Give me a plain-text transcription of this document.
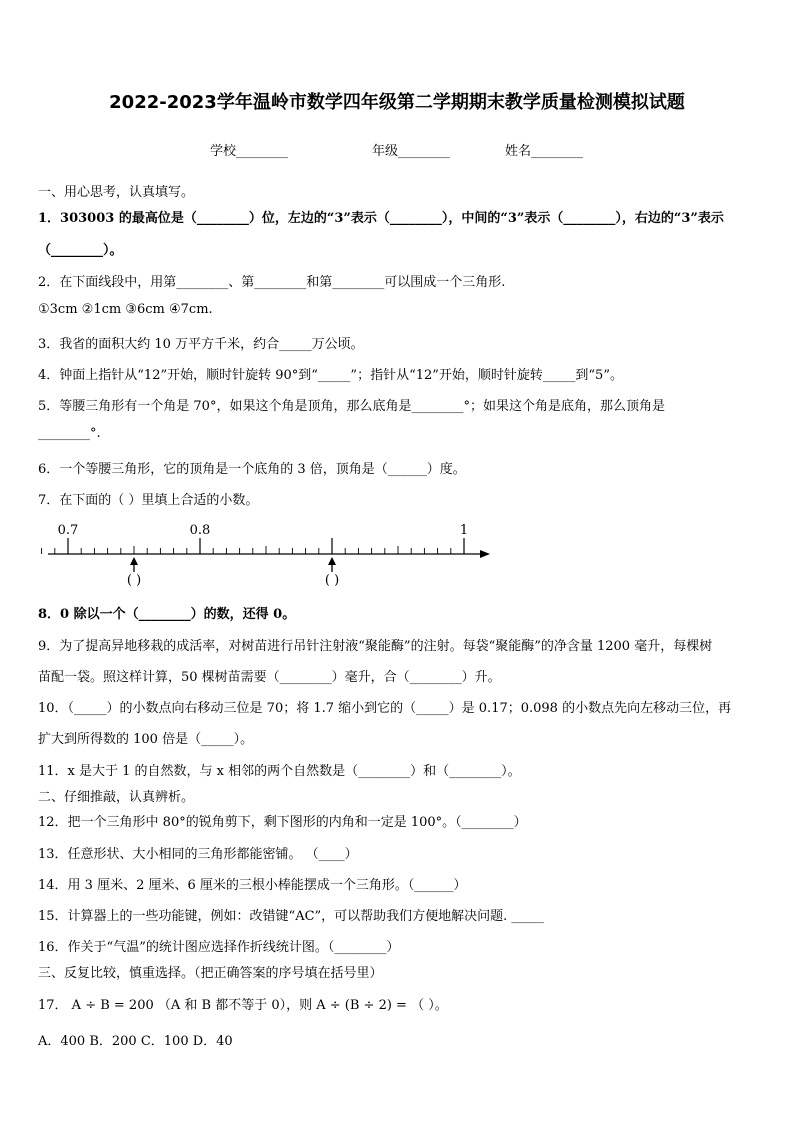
2022-2023学年温岭市数学四年级第二学期期末教学质量检测模拟试题
学校________	年级________	姓名________
一、用心思考，认真填写。
1．303003 的最高位是（________）位，左边的“3”表示（________），中间的“3”表示（________），右边的“3”表示
（________）。
2．在下面线段中，用第________、第________和第________可以围成一个三角形.
①3cm ②1cm ③6cm ④7cm.
3．我省的面积大约 10 万平方千米，约合_____万公顷。
4．钟面上指针从“12”开始，顺时针旋转 90°到“_____”；指针从“12”开始，顺时针旋转_____到“5”。
5．等腰三角形有一个角是 70°，如果这个角是顶角，那么底角是________°；如果这个角是底角，那么顶角是
________°.
6．一个等腰三角形，它的顶角是一个底角的 3 倍，顶角是（______）度。
7．在下面的（ ）里填上合适的小数。
0.7	0.8	1
( )	( )
8．0 除以一个（________）的数，还得 0。
9．为了提高异地移栽的成活率，对树苗进行吊针注射液“聚能酶”的注射。每袋“聚能酶”的净含量 1200 毫升，每棵树
苗配一袋。照这样计算，50 棵树苗需要（________）毫升，合（________）升。
10．（_____）的小数点向右移动三位是 70；将 1.7 缩小到它的（_____）是 0.17；0.098 的小数点先向左移动三位，再
扩大到所得数的 100 倍是（_____）。
11．x 是大于 1 的自然数，与 x 相邻的两个自然数是（________）和（________）。
二、仔细推敲，认真辨析。
12．把一个三角形中 80°的锐角剪下，剩下图形的内角和一定是 100°。（________）
13．任意形状、大小相同的三角形都能密铺。 （____）
14．用 3 厘米、2 厘米、6 厘米的三根小棒能摆成一个三角形。（______）
15．计算器上的一些功能键，例如：改错键“AC”，可以帮助我们方便地解决问题. _____
16．作关于“气温”的统计图应选择作折线统计图。（________）
三、反复比较，慎重选择。（把正确答案的序号填在括号里）
17． A ÷ B = 200 （A 和 B 都不等于 0），则 A ÷ (B ÷ 2) = （ ）。
A．400 B．200 C．100 D．40
